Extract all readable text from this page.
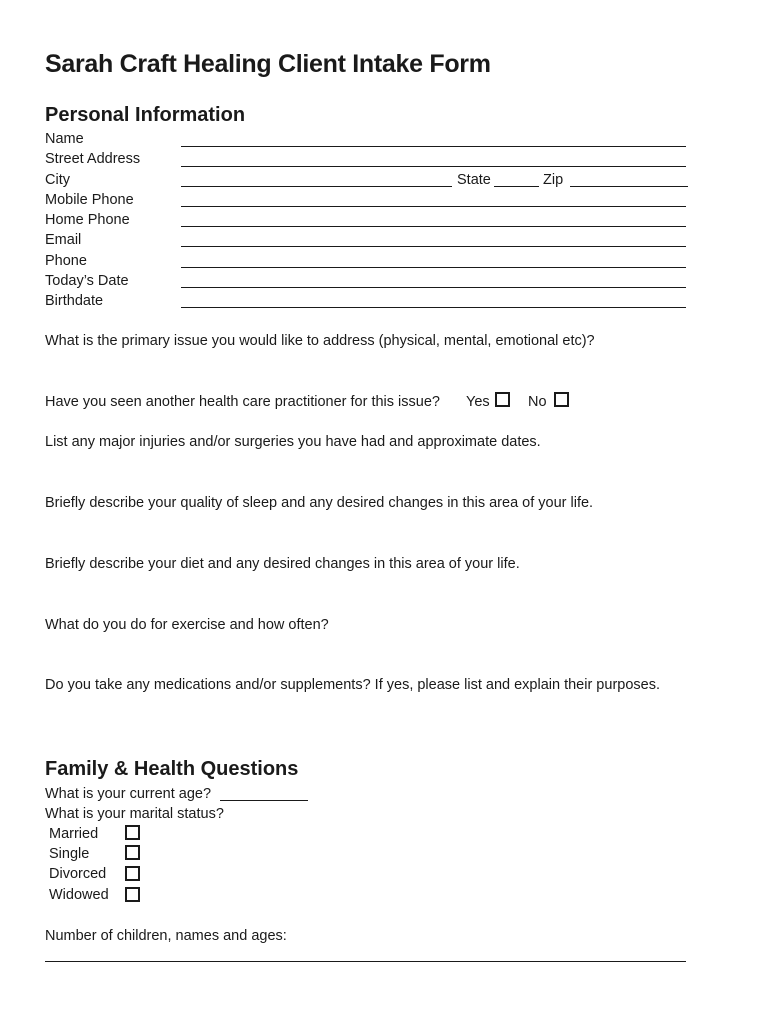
Sarah Craft Healing Client Intake Form
Personal Information
Name
Street Address
City
Mobile Phone
Home Phone
Email
Phone
Today’s Date
Birthdate
State	Zip
What is the primary issue you would like to address (physical, mental, emotional etc)?
Have you seen another health care practitioner for this issue? Yes	No
List any major injuries and/or surgeries you have had and approximate dates.
Briefly describe your quality of sleep and any desired changes in this area of your life.
Briefly describe your diet and any desired changes in this area of your life.
What do you do for exercise and how often?
Do you take any medications and/or supplements? If yes, please list and explain their purposes.
Family & Health Questions
What is your current age?
What is your marital status?
Married
Single
Divorced
Widowed
Number of children, names and ages:
